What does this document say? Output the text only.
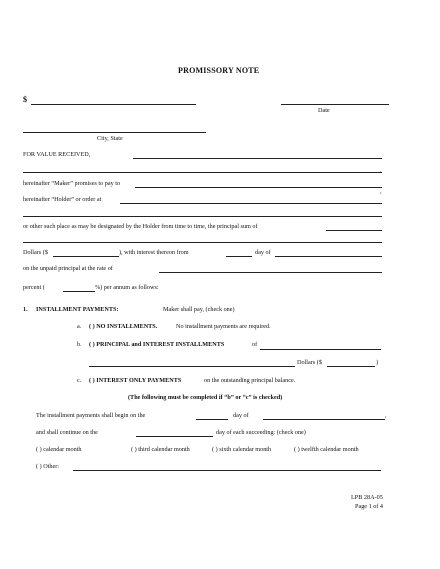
PROMISSORY NOTE
$
Date
City, State
FOR VALUE RECEIVED,
,
hereinafter “Maker” promises to pay to
,
hereinafter “Holder” or order at
or other such place as may be designated by the Holder from time to time, the principal sum of
Dollars ($	), with interest thereon from	day of
on the unpaid principal at the rate of
percent (	%) per annum as follows:
1. INSTALLMENT PAYMENTS:	Maker shall pay, (check one)
a. ( ) NO INSTALLMENTS.	No installment payments are required.
b. ( ) PRINCIPAL and INTEREST INSTALLMENTS	of
Dollars ($	)
c. ( ) INTEREST ONLY PAYMENTS	on the outstanding principal balance.
(The following must be completed if “b” or “c” is checked)
The installment payments shall begin on the	day of	,
and shall continue on the	day of each succeeding: (check one)
( ) calendar month	( ) third calendar month	( ) sixth calendar month	( ) twelfth calendar month
( ) Other:
LPB 28A-05
Page 1 of 4
